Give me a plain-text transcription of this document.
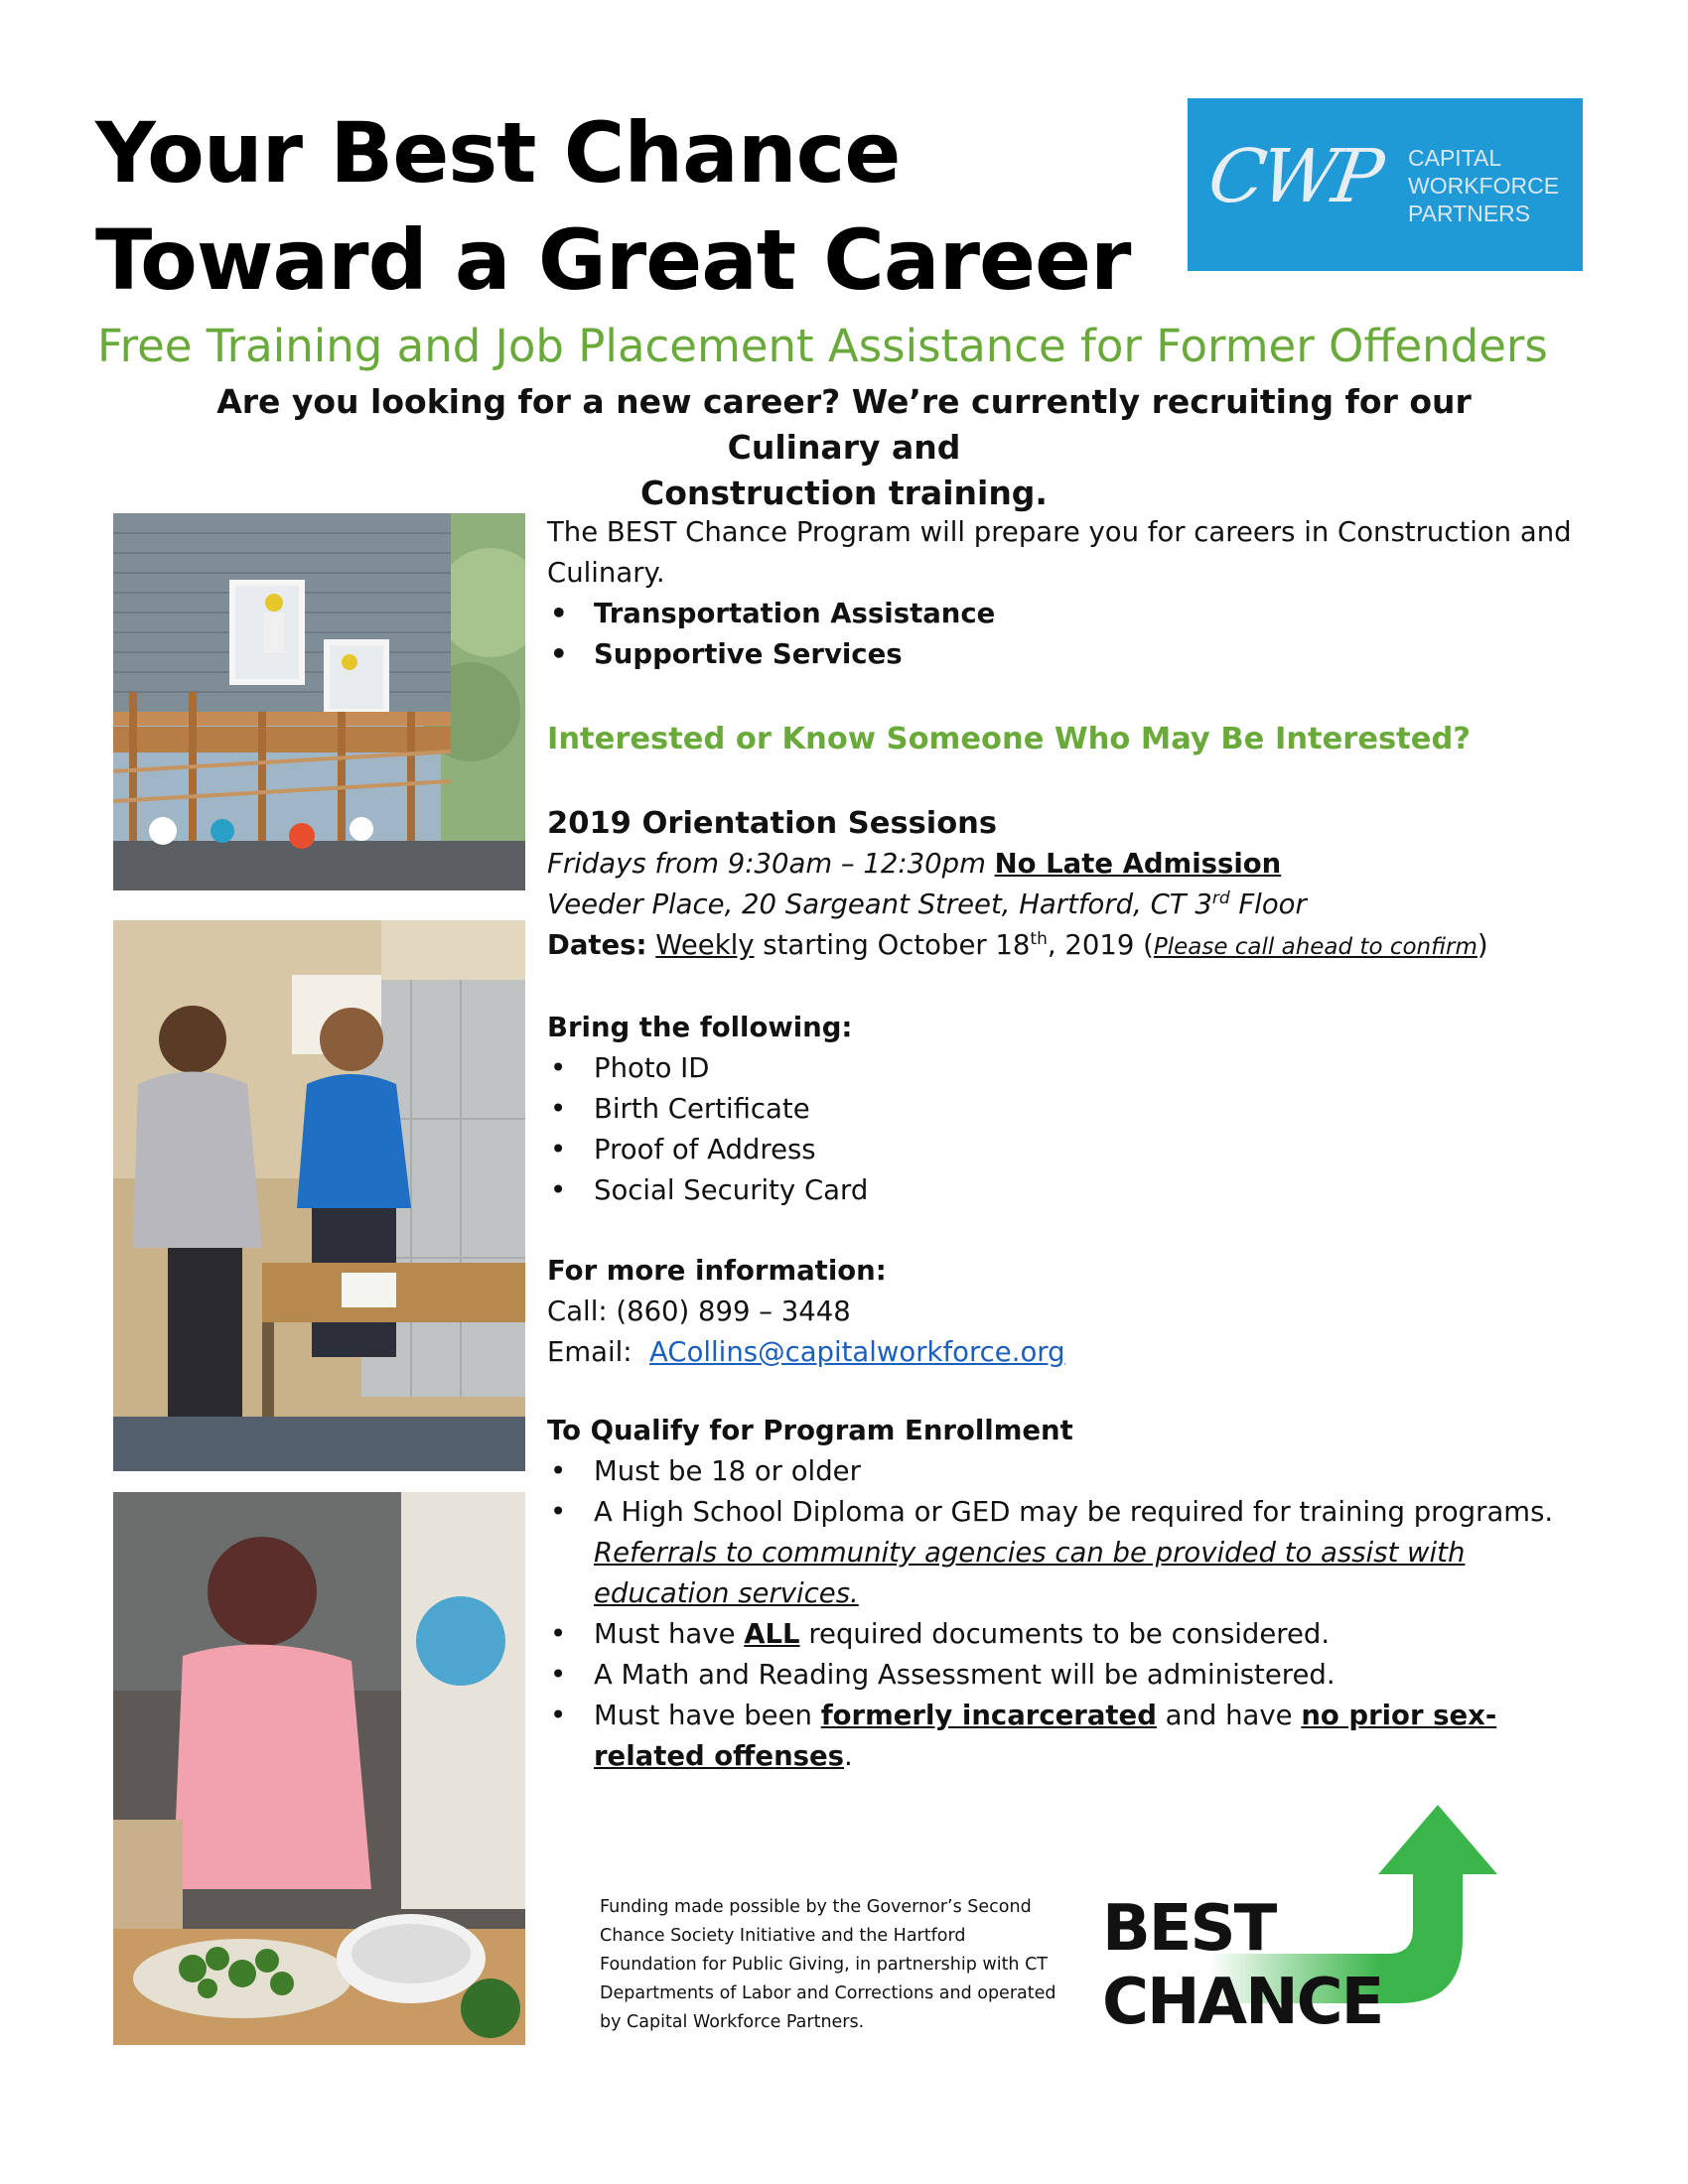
Your Best Chance
Toward a Great Career
CWP CAPITAL
WORKFORCE
PARTNERS
Free Training and Job Placement Assistance for Former Offenders
Are you looking for a new career? We’re currently recruiting for our Culinary and
Construction training.

The BEST Chance Program will prepare you for careers in Construction and Culinary.

• Transportation Assistance
• Supportive Services

Interested or Know Someone Who May Be Interested?

2019 Orientation Sessions

Fridays from 9:30am – 12:30pm No Late Admission

Veeder Place, 20 Sargeant Street, Hartford, CT 3rd Floor

Dates: Weekly starting October 18th, 2019 (Please call ahead to confirm)

Bring the following:

• Photo ID
• Birth Certificate
• Proof of Address
• Social Security Card

For more information:

Call: (860) 899 – 3448

Email: ACollins@capitalworkforce.org

To Qualify for Program Enrollment

• Must be 18 or older
• A High School Diploma or GED may be required for training programs.
Referrals to community agencies can be provided to assist with education services.
• Must have ALL required documents to be considered.
• A Math and Reading Assessment will be administered.
• Must have been formerly incarcerated and have no prior sex-related offenses.
Funding made possible by the Governor’s Second Chance Society Initiative and the Hartford Foundation for Public Giving, in partnership with CT Departments of Labor and Corrections and operated by Capital Workforce Partners.
BEST
CHANCE
